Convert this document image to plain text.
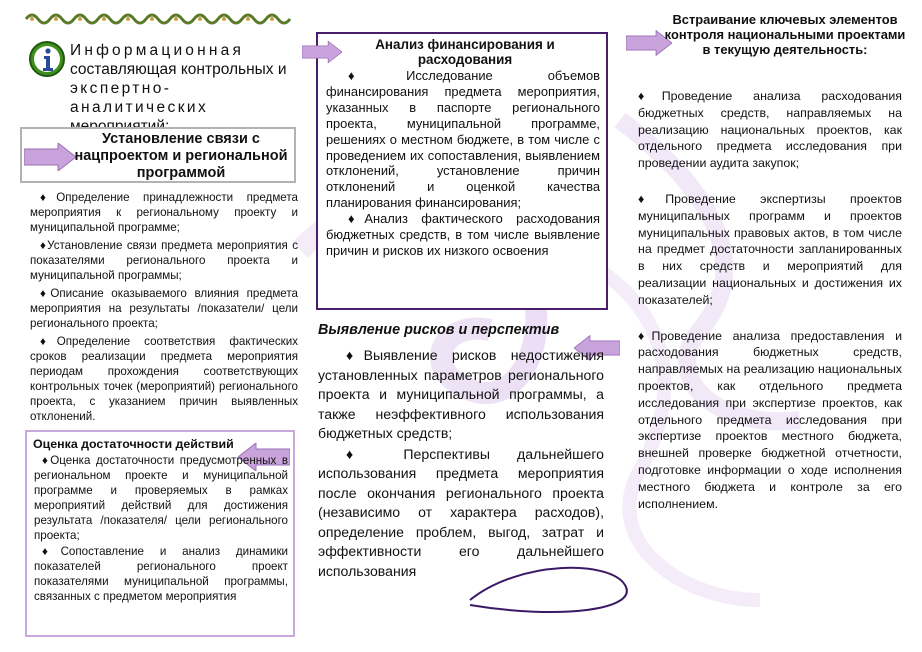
Информационная
составляющая контрольных и
экспертно-аналитических
Установление связи с нацпроектом и региональной программой

♦Определение принадлежности предмета мероприятия к региональному проекту и муниципальной программе;

♦Установление связи предмета мероприятия с показателями регионального проекта и муниципальной программы;

♦Описание оказываемого влияния предмета мероприятия на результаты /показатели/ цели регионального проекта;

♦Определение соответствия фактических сроков реализации предмета мероприятия периодам прохождения соответствующих контрольных точек (мероприятий) регионального проекта, с указанием причин выявленных отклонений.

Оценка достаточности действий

♦Оценка достаточности предусмотренных в региональном проекте и муниципальной программе и проверяемых в рамках мероприятий действий для достижения результата /показателя/ цели регионального проекта;

♦Сопоставление и анализ динамики показателей регионального проект показателями муниципальной программы, связанных с предметом мероприятия

Анализ финансирования и расходования

♦Исследование объемов финансирования предмета мероприятия, указанных в паспорте регионального проекта, муниципальной программе, решениях о местном бюджете, в том числе с проведением их сопоставления, выявлением отклонений, установление причин отклонений и оценкой качества планирования финансирования;

♦Анализ фактического расходования бюджетных средств, в том числе выявление причин и рисков их низкого освоения

Выявление рисков и перспектив

♦Выявление рисков недостижения установленных параметров регионального проекта и муниципальной программы, а также неэффективного использования бюджетных средств;

♦ Перспективы дальнейшего использования предмета мероприятия после окончания регионального проекта (независимо от характера расходов), определение проблем, выгод, затрат и эффективности его дальнейшего использования

Встраивание ключевых элементов контроля национальными проектами в текущую деятельность:

♦Проведение анализа расходования бюджетных средств, направляемых на реализацию национальных проектов, как отдельного предмета исследования при проведении аудита закупок;

♦Проведение экспертизы проектов муниципальных программ и проектов муниципальных правовых актов, в том числе на предмет достаточности запланированных в них средств и мероприятий для реализации национальных и достижения их показателей;

♦Проведение анализа предоставления и расходования бюджетных средств, направляемых на реализацию национальных проектов, как отдельного предмета исследования при экспертизе проектов, как отдельного предмета исследования при экспертизе проектов местного бюджета, внешней проверке бюджетной отчетности, подготовке информации о ходе исполнения местного бюджета и контроле за его исполнением.
